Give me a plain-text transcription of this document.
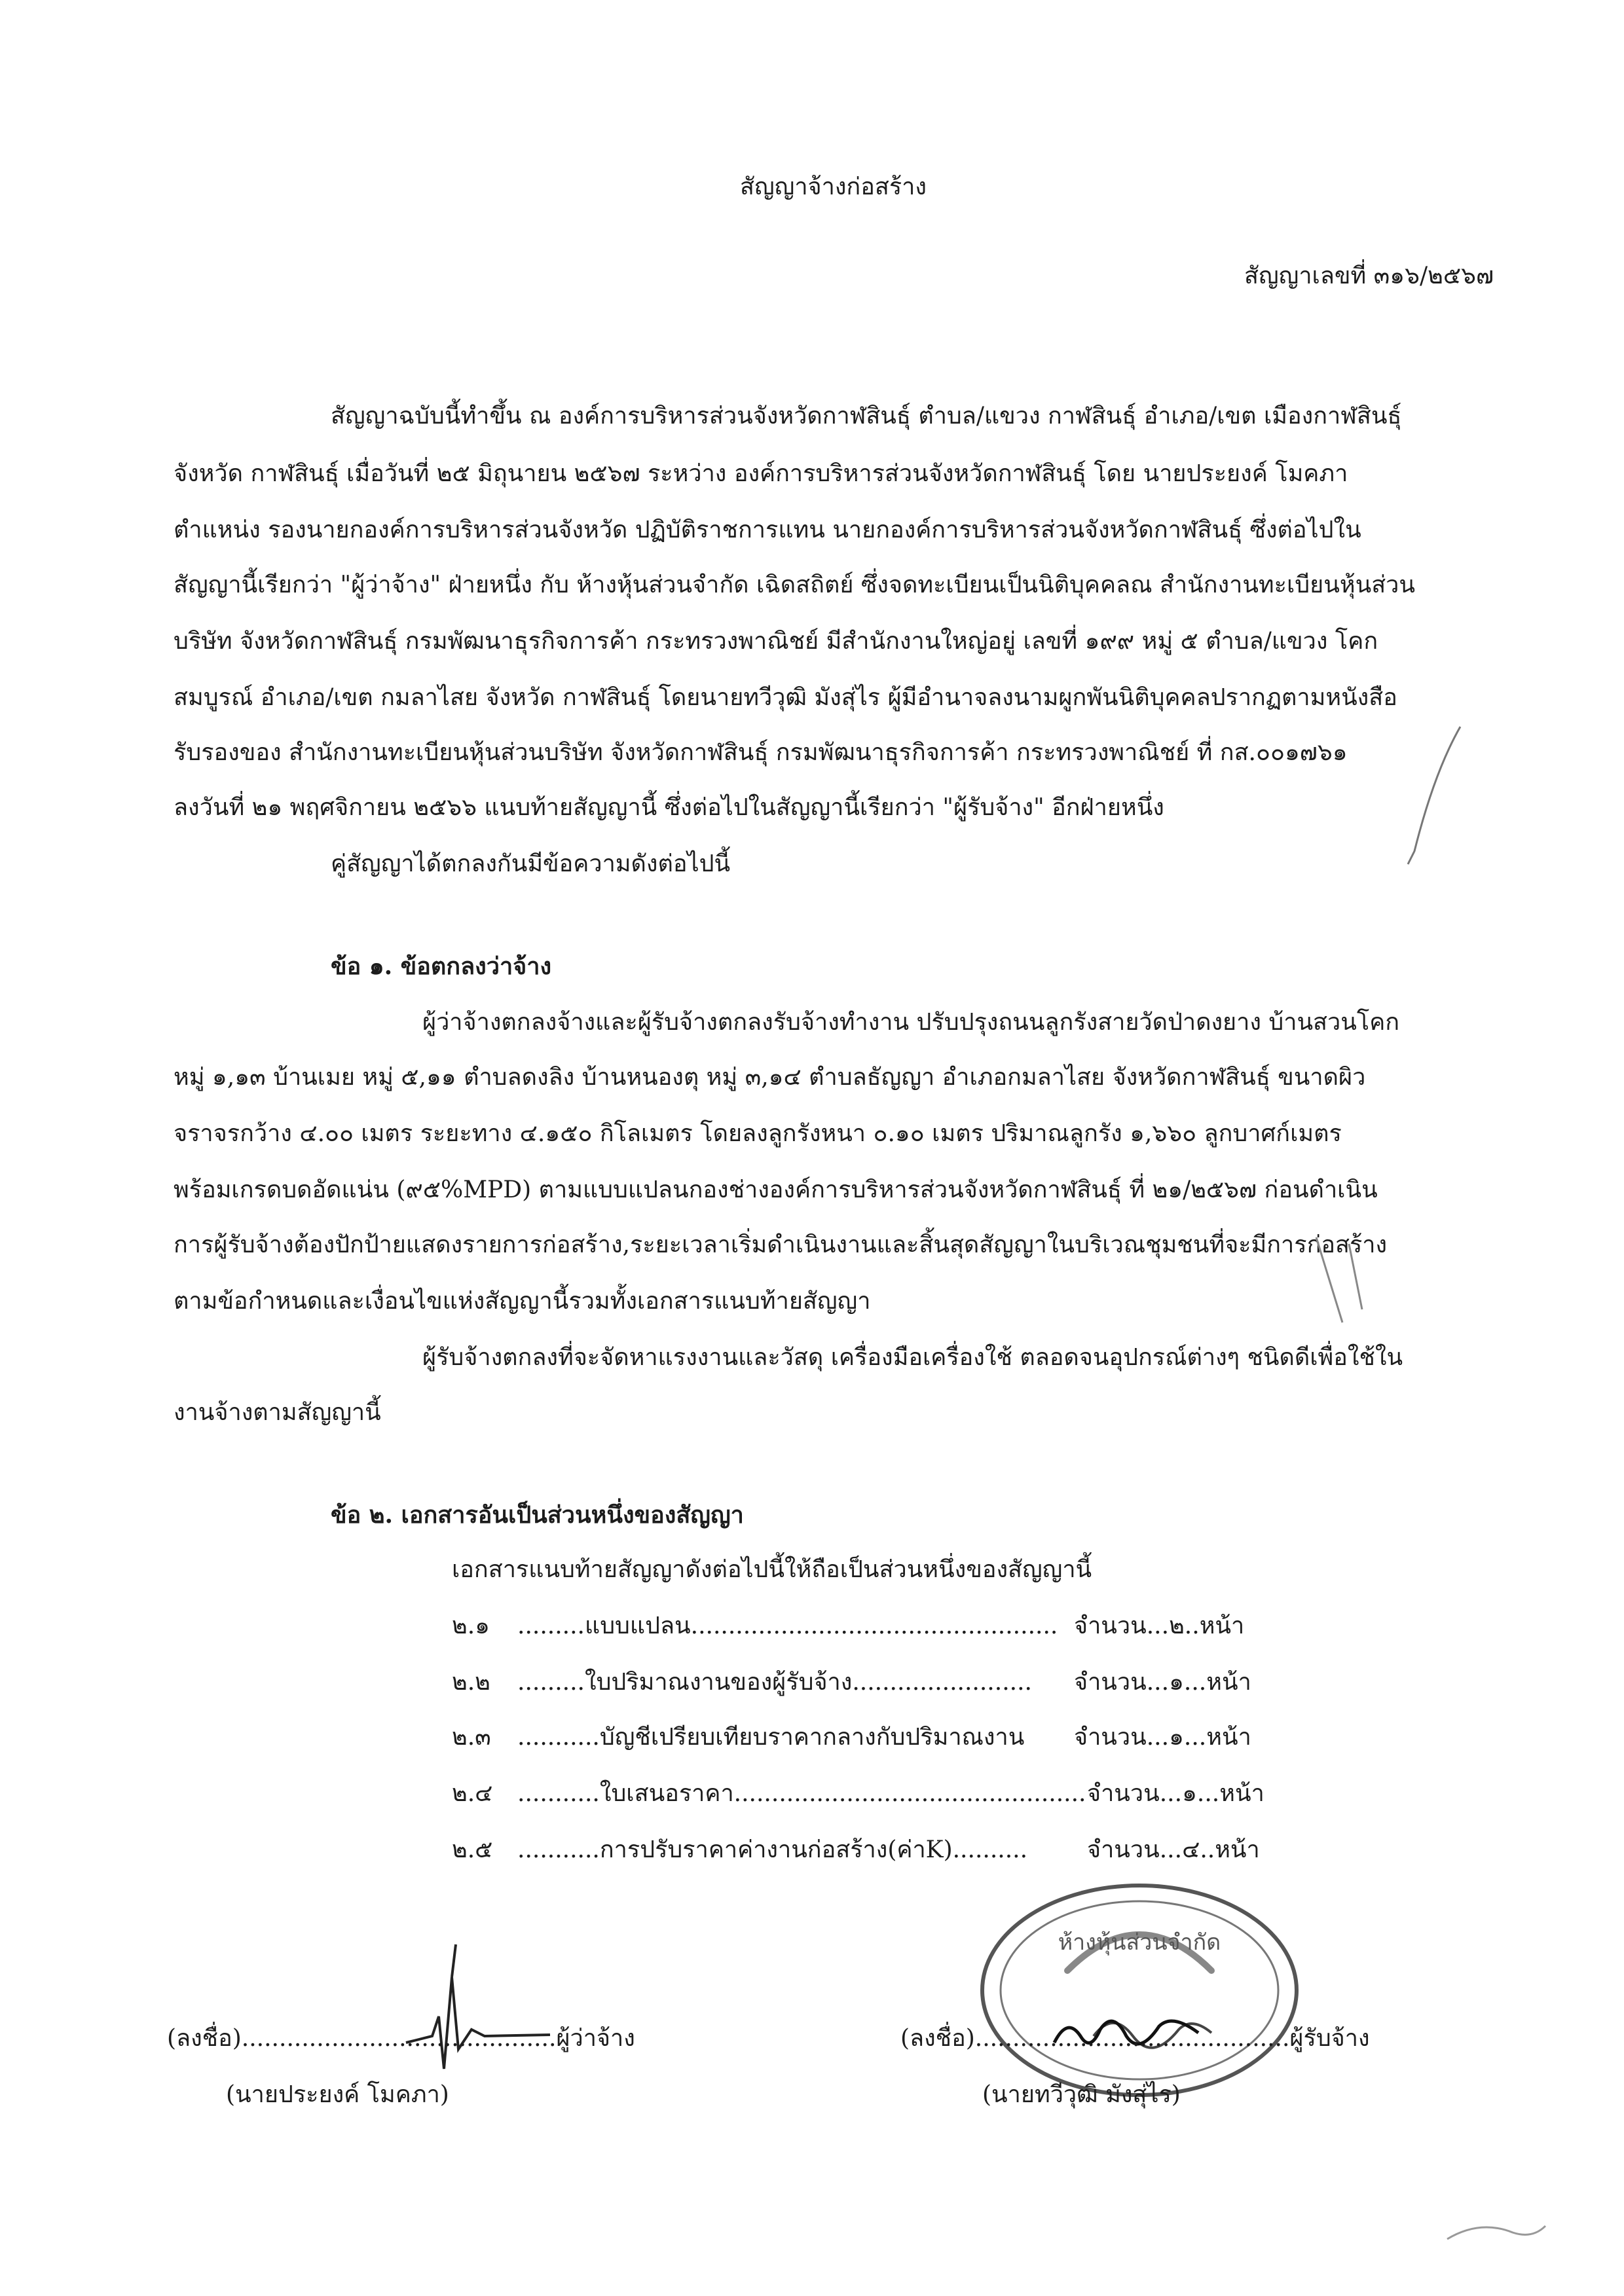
สัญญาจ้างก่อสร้าง
สัญญาเลขที่ ๓๑๖/๒๕๖๗
สัญญาฉบับนี้ทำขึ้น ณ องค์การบริหารส่วนจังหวัดกาฬสินธุ์ ตำบล/แขวง กาฬสินธุ์ อำเภอ/เขต เมืองกาฬสินธุ์
จังหวัด กาฬสินธุ์ เมื่อวันที่ ๒๕ มิถุนายน ๒๕๖๗ ระหว่าง องค์การบริหารส่วนจังหวัดกาฬสินธุ์ โดย นายประยงค์ โมคภา
ตำแหน่ง รองนายกองค์การบริหารส่วนจังหวัด ปฏิบัติราชการแทน นายกองค์การบริหารส่วนจังหวัดกาฬสินธุ์ ซึ่งต่อไปใน
สัญญานี้เรียกว่า "ผู้ว่าจ้าง" ฝ่ายหนึ่ง กับ ห้างหุ้นส่วนจำกัด เฉิดสถิตย์ ซึ่งจดทะเบียนเป็นนิติบุคคลณ สำนักงานทะเบียนหุ้นส่วน
บริษัท จังหวัดกาฬสินธุ์ กรมพัฒนาธุรกิจการค้า กระทรวงพาณิชย์ มีสำนักงานใหญ่อยู่ เลขที่ ๑๙๙ หมู่ ๕ ตำบล/แขวง โคก
สมบูรณ์ อำเภอ/เขต กมลาไสย จังหวัด กาฬสินธุ์ โดยนายทวีวุฒิ มังสุ่ไร ผู้มีอำนาจลงนามผูกพันนิติบุคคลปรากฏตามหนังสือ
รับรองของ สำนักงานทะเบียนหุ้นส่วนบริษัท จังหวัดกาฬสินธุ์ กรมพัฒนาธุรกิจการค้า กระทรวงพาณิชย์ ที่ กส.๐๐๑๗๖๑
ลงวันที่ ๒๑ พฤศจิกายน ๒๕๖๖ แนบท้ายสัญญานี้ ซึ่งต่อไปในสัญญานี้เรียกว่า "ผู้รับจ้าง" อีกฝ่ายหนึ่ง
คู่สัญญาได้ตกลงกันมีข้อความดังต่อไปนี้
ข้อ ๑. ข้อตกลงว่าจ้าง
ผู้ว่าจ้างตกลงจ้างและผู้รับจ้างตกลงรับจ้างทำงาน ปรับปรุงถนนลูกรังสายวัดป่าดงยาง บ้านสวนโคก
หมู่ ๑,๑๓ บ้านเมย หมู่ ๕,๑๑ ตำบลดงลิง บ้านหนองตุ หมู่ ๓,๑๔ ตำบลธัญญา อำเภอกมลาไสย จังหวัดกาฬสินธุ์ ขนาดผิว
จราจรกว้าง ๔.๐๐ เมตร ระยะทาง ๔.๑๕๐ กิโลเมตร โดยลงลูกรังหนา ๐.๑๐ เมตร ปริมาณลูกรัง ๑,๖๖๐ ลูกบาศก์เมตร
พร้อมเกรดบดอัดแน่น (๙๕%MPD) ตามแบบแปลนกองช่างองค์การบริหารส่วนจังหวัดกาฬสินธุ์ ที่ ๒๑/๒๕๖๗ ก่อนดำเนิน
การผู้รับจ้างต้องปักป้ายแสดงรายการก่อสร้าง,ระยะเวลาเริ่มดำเนินงานและสิ้นสุดสัญญาในบริเวณชุมชนที่จะมีการก่อสร้าง
ตามข้อกำหนดและเงื่อนไขแห่งสัญญานี้รวมทั้งเอกสารแนบท้ายสัญญา
ผู้รับจ้างตกลงที่จะจัดหาแรงงานและวัสดุ เครื่องมือเครื่องใช้ ตลอดจนอุปกรณ์ต่างๆ ชนิดดีเพื่อใช้ใน
งานจ้างตามสัญญานี้
ข้อ ๒. เอกสารอันเป็นส่วนหนึ่งของสัญญา
เอกสารแนบท้ายสัญญาดังต่อไปนี้ให้ถือเป็นส่วนหนึ่งของสัญญานี้
๒.๑ .........แบบแปลน................................................. จำนวน...๒..หน้า
๒.๒ .........ใบปริมาณงานของผู้รับจ้าง........................ จำนวน...๑...หน้า
๒.๓ ...........บัญชีเปรียบเทียบราคากลางกับปริมาณงาน จำนวน...๑...หน้า
๒.๔ ...........ใบเสนอราคา............................................... จำนวน...๑...หน้า
๒.๕ ...........การปรับราคาค่างานก่อสร้าง(ค่าK)..........	จำนวน...๔..หน้า
ห้างหุ้นส่วนจำกัด
(ลงชื่อ)..........................................ผู้ว่าจ้าง
(นายประยงค์ โมคภา)
(ลงชื่อ)..........................................ผู้รับจ้าง
(นายทวีวุฒิ มังสุ่ไร)
